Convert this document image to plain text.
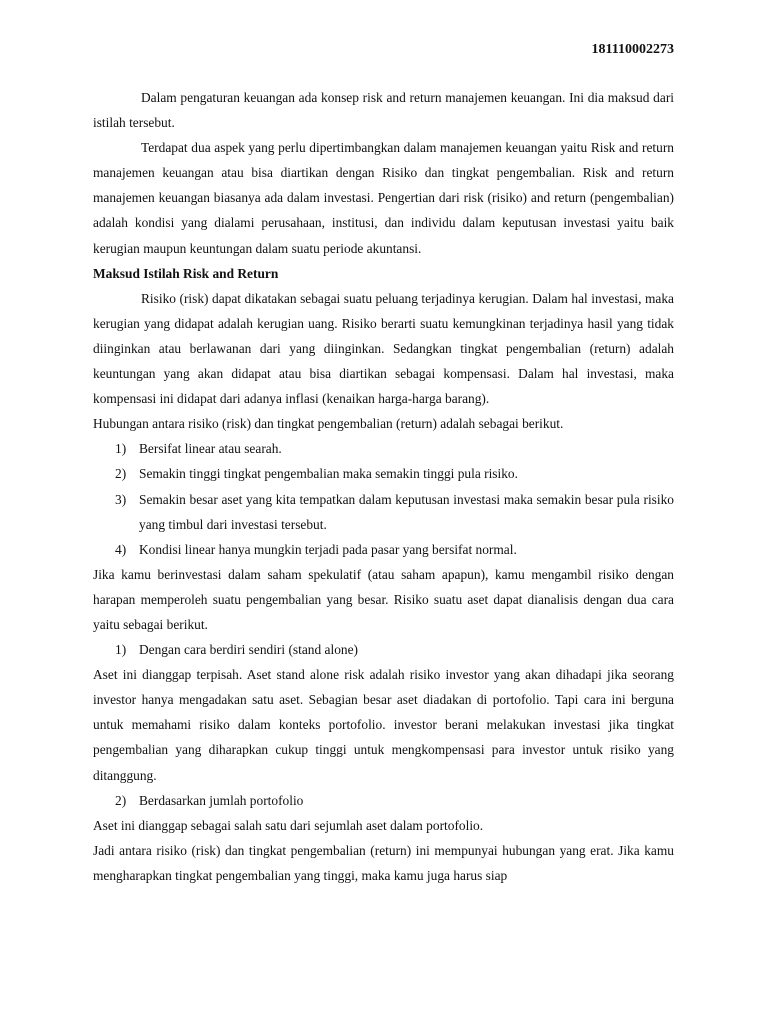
181110002273

Dalam pengaturan keuangan ada konsep risk and return manajemen keuangan. Ini dia maksud dari istilah tersebut.

Terdapat dua aspek yang perlu dipertimbangkan dalam manajemen keuangan yaitu Risk and return manajemen keuangan atau bisa diartikan dengan Risiko dan tingkat pengembalian. Risk and return manajemen keuangan biasanya ada dalam investasi. Pengertian dari risk (risiko) and return (pengembalian) adalah kondisi yang dialami perusahaan, institusi, dan individu dalam keputusan investasi yaitu baik kerugian maupun keuntungan dalam suatu periode akuntansi.

Maksud Istilah Risk and Return

Risiko (risk) dapat dikatakan sebagai suatu peluang terjadinya kerugian. Dalam hal investasi, maka kerugian yang didapat adalah kerugian uang. Risiko berarti suatu kemungkinan terjadinya hasil yang tidak diinginkan atau berlawanan dari yang diinginkan. Sedangkan tingkat pengembalian (return) adalah keuntungan yang akan didapat atau bisa diartikan sebagai kompensasi. Dalam hal investasi, maka kompensasi ini didapat dari adanya inflasi (kenaikan harga-harga barang).

Hubungan antara risiko (risk) dan tingkat pengembalian (return) adalah sebagai berikut.

1) Bersifat linear atau searah.
2) Semakin tinggi tingkat pengembalian maka semakin tinggi pula risiko.
3) Semakin besar aset yang kita tempatkan dalam keputusan investasi maka semakin besar pula risiko yang timbul dari investasi tersebut.
4) Kondisi linear hanya mungkin terjadi pada pasar yang bersifat normal.

Jika kamu berinvestasi dalam saham spekulatif (atau saham apapun), kamu mengambil risiko dengan harapan memperoleh suatu pengembalian yang besar. Risiko suatu aset dapat dianalisis dengan dua cara yaitu sebagai berikut.

1) Dengan cara berdiri sendiri (stand alone)

Aset ini dianggap terpisah. Aset stand alone risk adalah risiko investor yang akan dihadapi jika seorang investor hanya mengadakan satu aset. Sebagian besar aset diadakan di portofolio. Tapi cara ini berguna untuk memahami risiko dalam konteks portofolio. investor berani melakukan investasi jika tingkat pengembalian yang diharapkan cukup tinggi untuk mengkompensasi para investor untuk risiko yang ditanggung.

2) Berdasarkan jumlah portofolio

Aset ini dianggap sebagai salah satu dari sejumlah aset dalam portofolio.

Jadi antara risiko (risk) dan tingkat pengembalian (return) ini mempunyai hubungan yang erat. Jika kamu mengharapkan tingkat pengembalian yang tinggi, maka kamu juga harus siap
